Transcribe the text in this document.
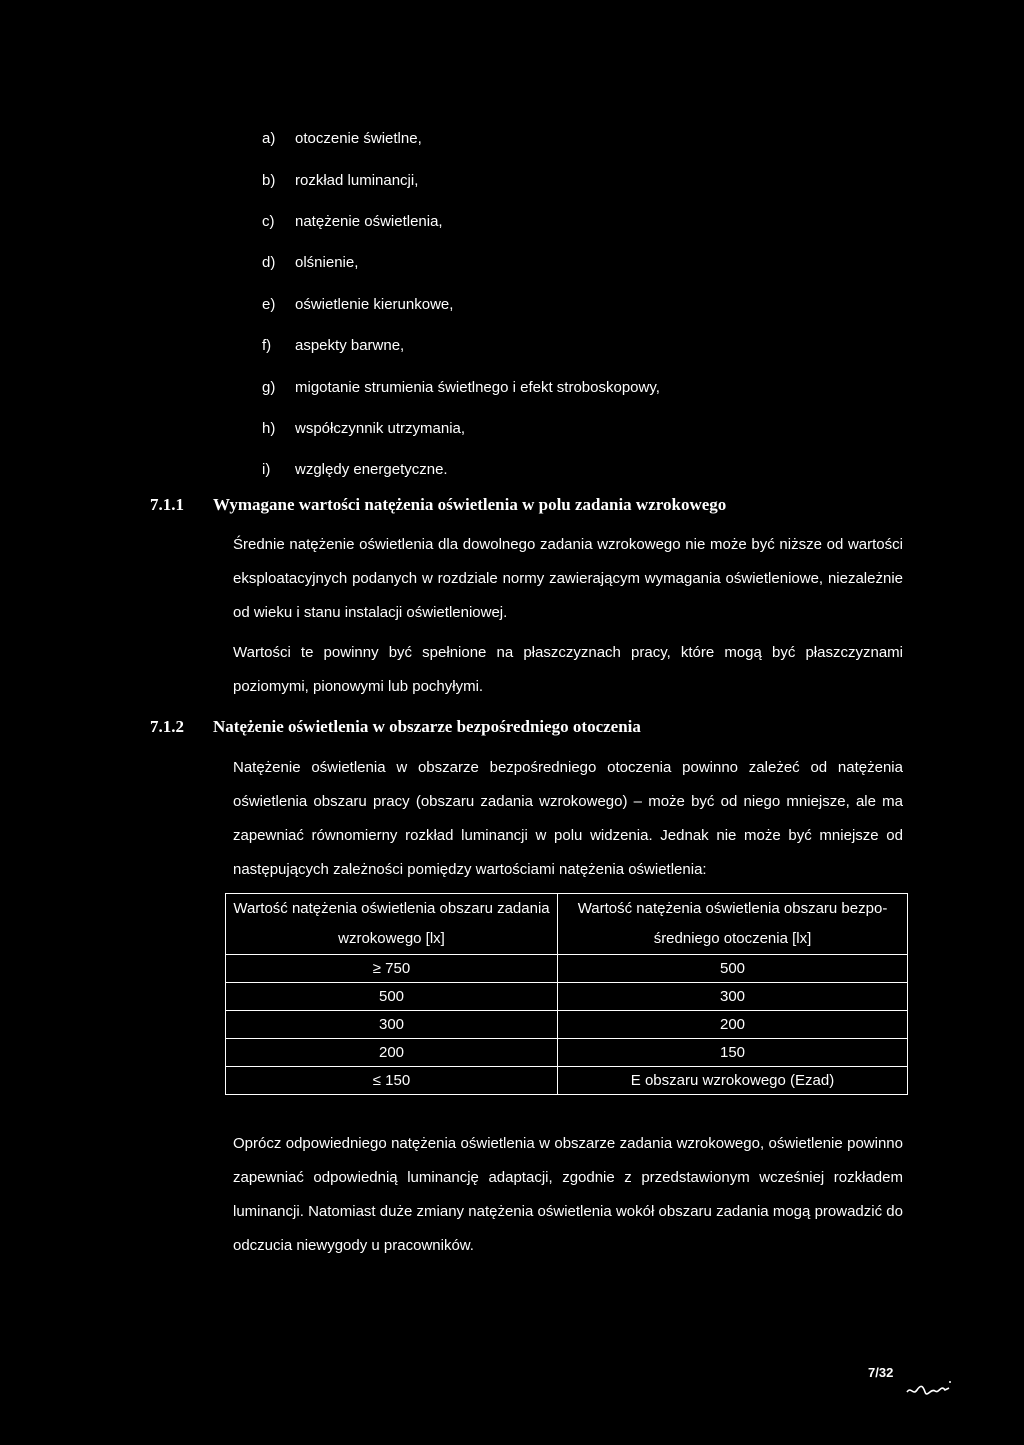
a)	otoczenie świetlne,
b)	rozkład luminancji,
c)	natężenie oświetlenia,
d)	olśnienie,
e)	oświetlenie kierunkowe,
f)	aspekty barwne,
g)	migotanie strumienia świetlnego i efekt stroboskopowy,
h)	współczynnik utrzymania,
i)	względy energetyczne.
7.1.1 Wymagane wartości natężenia oświetlenia w polu zadania wzrokowego

Średnie natężenie oświetlenia dla dowolnego zadania wzrokowego nie może być niższe od wartości eksploatacyjnych podanych w rozdziale normy zawierającym wymagania oświetleniowe, niezależnie od wieku i stanu instalacji oświetleniowej.

Wartości te powinny być spełnione na płaszczyznach pracy, które mogą być płaszczyznami poziomymi, pionowymi lub pochyłymi.

7.1.2 Natężenie oświetlenia w obszarze bezpośredniego otoczenia

Natężenie oświetlenia w obszarze bezpośredniego otoczenia powinno zależeć od natężenia oświetlenia obszaru pracy (obszaru zadania wzrokowego) – może być od niego mniejsze, ale ma zapewniać równomierny rozkład luminancji w polu widzenia. Jednak nie może być mniejsze od następujących zależności pomiędzy wartościami natężenia oświetlenia:

Wartość natężenia oświetlenia obszaru zadania wzrokowego [lx]	Wartość natężenia oświetlenia obszaru bezpośredniego otoczenia [lx]
≥ 750	500
500	300
300	200
200	150
≤ 150	E obszaru wzrokowego (Ezad)

Oprócz odpowiedniego natężenia oświetlenia w obszarze zadania wzrokowego, oświetlenie powinno zapewniać odpowiednią luminancję adaptacji, zgodnie z przedstawionym wcześniej rozkładem luminancji. Natomiast duże zmiany natężenia oświetlenia wokół obszaru zadania mogą prowadzić do odczucia niewygody u pracowników.

7/32
